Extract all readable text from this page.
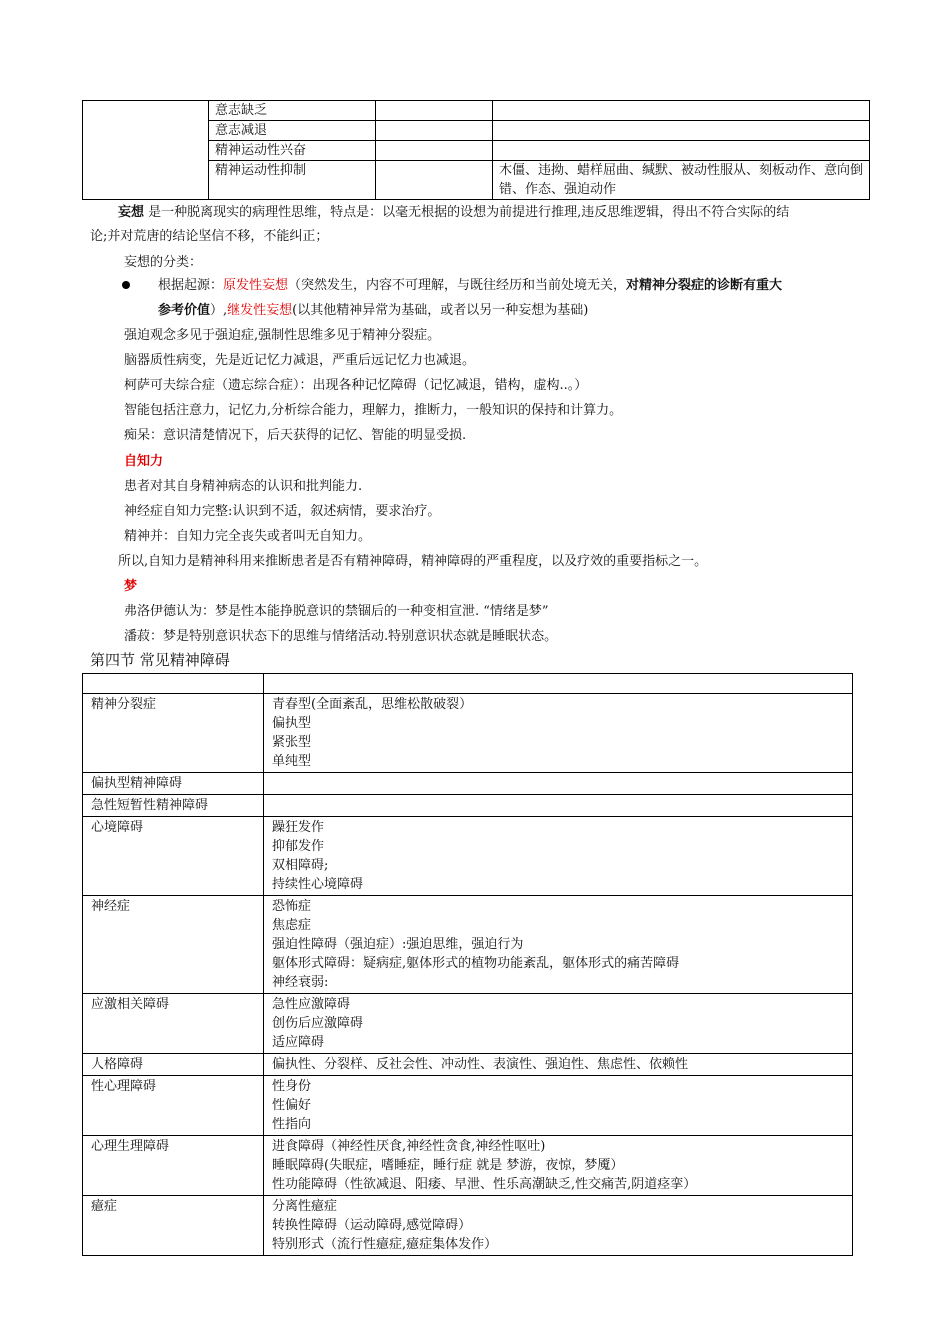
	意志缺乏		
	意志减退		
	精神运动性兴奋		
	精神运动性抑制		木僵、违拗、蜡样屈曲、缄默、被动性服从、刻板动作、意向倒错、作态、强迫动作
妄想 是一种脱离现实的病理性思维，特点是：以毫无根据的设想为前提进行推理,违反思维逻辑，得出不符合实际的结
论;并对荒唐的结论坚信不移，不能纠正；
妄想的分类：
根据起源：原发性妄想（突然发生，内容不可理解，与既往经历和当前处境无关，对精神分裂症的诊断有重大
参考价值）,继发性妄想(以其他精神异常为基础，或者以另一种妄想为基础)
强迫观念多见于强迫症,强制性思维多见于精神分裂症。
脑器质性病变，先是近记忆力减退，严重后远记忆力也减退。
柯萨可夫综合症（遗忘综合症）：出现各种记忆障碍（记忆减退，错构，虚构..。）
智能包括注意力，记忆力,分析综合能力，理解力，推断力，一般知识的保持和计算力。
痴呆：意识清楚情况下，后天获得的记忆、智能的明显受损.
自知力
患者对其自身精神病态的认识和批判能力.
神经症自知力完整:认识到不适，叙述病情，要求治疗。
精神并：自知力完全丧失或者叫无自知力。
所以,自知力是精神科用来推断患者是否有精神障碍，精神障碍的严重程度，以及疗效的重要指标之一。
梦
弗洛伊德认为：梦是性本能挣脱意识的禁锢后的一种变相宣泄. “情绪是梦”
潘菽：梦是特别意识状态下的思维与情绪活动.特别意识状态就是睡眠状态。
第四节 常见精神障碍

精神分裂症	青春型(全面紊乱，思维松散破裂）
偏执型
紧张型
单纯型

偏执型精神障碍	
急性短暂性精神障碍	
心境障碍	躁狂发作
抑郁发作
双相障碍;
持续性心境障碍

神经症	恐怖症
焦虑症
强迫性障碍（强迫症）:强迫思维，强迫行为
躯体形式障碍：疑病症,躯体形式的植物功能紊乱，躯体形式的痛苦障碍
神经衰弱:

应激相关障碍	急性应激障碍
创伤后应激障碍
适应障碍

人格障碍	偏执性、分裂样、反社会性、冲动性、表演性、强迫性、焦虑性、依赖性

性心理障碍	性身份
性偏好
性指向

心理生理障碍	进食障碍（神经性厌食,神经性贪食,神经性呕吐)
睡眠障碍(失眠症，嗜睡症，睡行症 就是 梦游，夜惊，梦魇）
性功能障碍（性欲减退、阳痿、早泄、性乐高潮缺乏,性交痛苦,阴道痉挛）

癔症	分离性癔症
转换性障碍（运动障碍,感觉障碍）
特别形式（流行性癔症,癔症集体发作）
